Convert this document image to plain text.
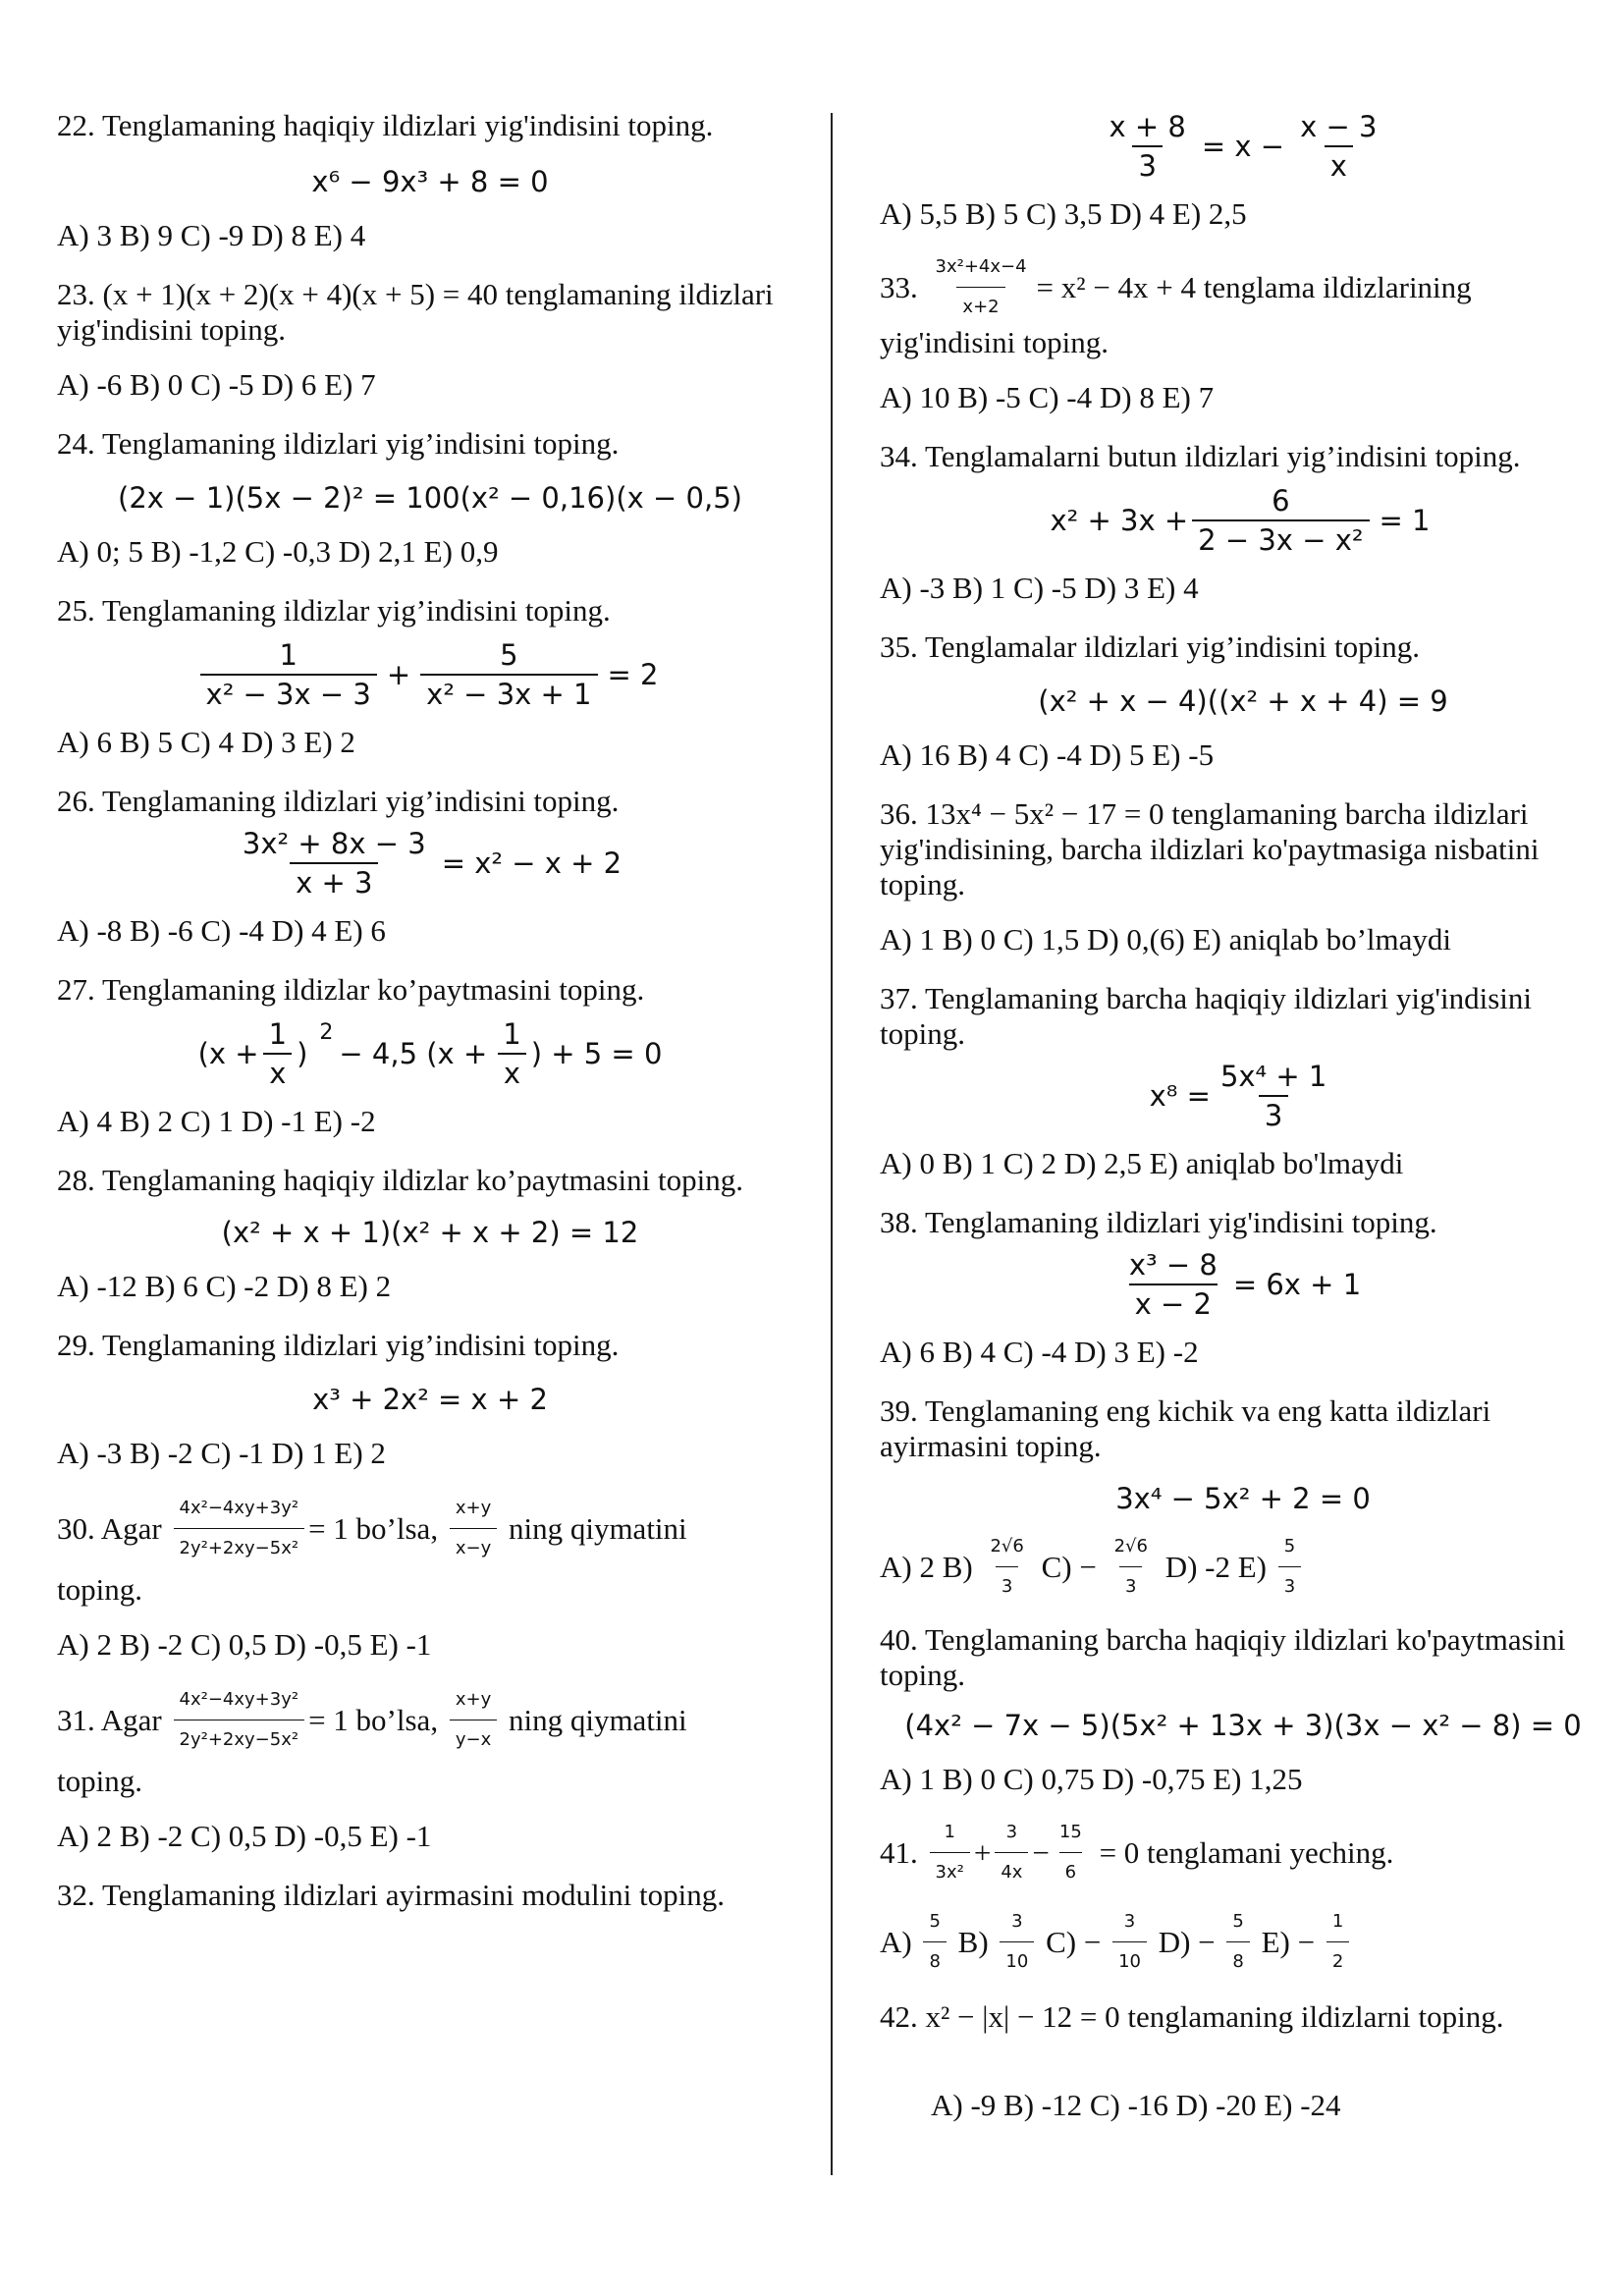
22. Tenglamaning haqiqiy ildizlari yig'indisini toping.

x⁶ − 9x³ + 8 = 0

A) 3 B) 9 C) -9 D) 8 E) 4

23. (x + 1)(x + 2)(x + 4)(x + 5) = 40 tenglamaning ildizlari yig'indisini toping.

A) -6 B) 0 C) -5 D) 6 E) 7

24. Tenglamaning ildizlari yig’indisini toping.

(2x − 1)(5x − 2)² = 100(x² − 0,16)(x − 0,5)

A) 0; 5 B) -1,2 C) -0,3 D) 2,1 E) 0,9

25. Tenglamaning ildizlar yig’indisini toping.

$\frac{1}{\text{x² − 3x − 3}} + \frac{5}{\text{x² − 3x + 1}} = 2$

A) 6 B) 5 C) 4 D) 3 E) 2

26. Tenglamaning ildizlari yig’indisini toping.

$\frac{\text{3x² + 8x − 3}}{x + 3} = x^2 - x + 2$

A) -8 B) -6 C) -4 D) 4 E) 6

27. Tenglamaning ildizlar ko’paytmasini toping.

($x + \frac{1}{x}$ )
2
− 4,5 ($x + \frac{1}{x}$ ) + 5 = 0

A) 4 B) 2 C) 1 D) -1 E) -2

28. Tenglamaning haqiqiy ildizlar ko’paytmasini toping.

(x² + x + 1)(x² + x + 2) = 12

A) -12 B) 6 C) -2 D) 8 E) 2

29. Tenglamaning ildizlari yig’indisini toping.

x³ + 2x² = x + 2

A) -3 B) -2 C) -1 D) 1 E) 2

30. Agar
$\frac{\text{4x²−4xy+3y²}}{\text{2y²+2xy−5x²}} = 1$ bo’lsa,
$\frac{x+y}{x-y}$
ning qiymatini

toping.

A) 2 B) -2 C) 0,5 D) -0,5 E) -1

31. Agar
$\frac{\text{4x²−4xy+3y²}}{\text{2y²+2xy−5x²}} = 1$ bo’lsa,
$\frac{x+y}{y-x}$
ning qiymatini

toping.

A) 2 B) -2 C) 0,5 D) -0,5 E) -1

32. Tenglamaning ildizlari ayirmasini modulini toping.

$\frac{x + 8}{3} = x - \frac{x - 3}{x}$

A) 5,5 B) 5 C) 3,5 D) 4 E) 2,5

33.
$\frac{\text{3x²+4x−4}}{x+2} = x^2 - 4x + 4$ tenglama ildizlarining

yig'indisini toping.

A) 10 B) -5 C) -4 D) 8 E) 7

34. Tenglamalarni butun ildizlari yig’indisini toping.

$x^2 + 3x + \frac{6}{\text{2 − 3x − x²}} = 1$

A) -3 B) 1 C) -5 D) 3 E) 4

35. Tenglamalar ildizlari yig’indisini toping.

(x² + x − 4)((x² + x + 4) = 9

A) 16 B) 4 C) -4 D) 5 E) -5

36. 13x⁴ − 5x² − 17 = 0 tenglamaning barcha ildizlari yig'indisining, barcha ildizlari ko'paytmasiga nisbatini toping.

A) 1 B) 0 C) 1,5 D) 0,(6) E) aniqlab bo’lmaydi

37. Tenglamaning barcha haqiqiy ildizlari yig'indisini toping.

$x^8 = \frac{\text{5x⁴ + 1}}{3}$

A) 0 B) 1 C) 2 D) 2,5 E) aniqlab bo'lmaydi

38. Tenglamaning ildizlari yig'indisini toping.

$\frac{\text{x³ − 8}}{x - 2} = 6x + 1$

A) 6 B) 4 C) -4 D) 3 E) -2

39. Tenglamaning eng kichik va eng katta ildizlari ayirmasini toping.

3x⁴ − 5x² + 2 = 0

A) 2 B)
$\frac{2√6}{3}$
C) −
$\frac{2√6}{3}$
D) -2 E)
$\frac{5}{3}$

40. Tenglamaning barcha haqiqiy ildizlari ko'paytmasini toping.

(4x² − 7x − 5)(5x² + 13x + 3)(3x − x² − 8) = 0

A) 1 B) 0 C) 0,75 D) -0,75 E) 1,25

41.
$\frac{1}{\text{3x²}} + \frac{3}{4x} - \frac{15}{6}$
= 0 tenglamani yeching.

A)
$\frac{5}{8}$
B)
$\frac{3}{10}$
C) −
$\frac{3}{10}$
D) −
$\frac{5}{8}$
E) −
$\frac{1}{2}$

42. x² − |x| − 12 = 0 tenglamaning ildizlarni toping.

A) -9 B) -12 C) -16 D) -20 E) -24
